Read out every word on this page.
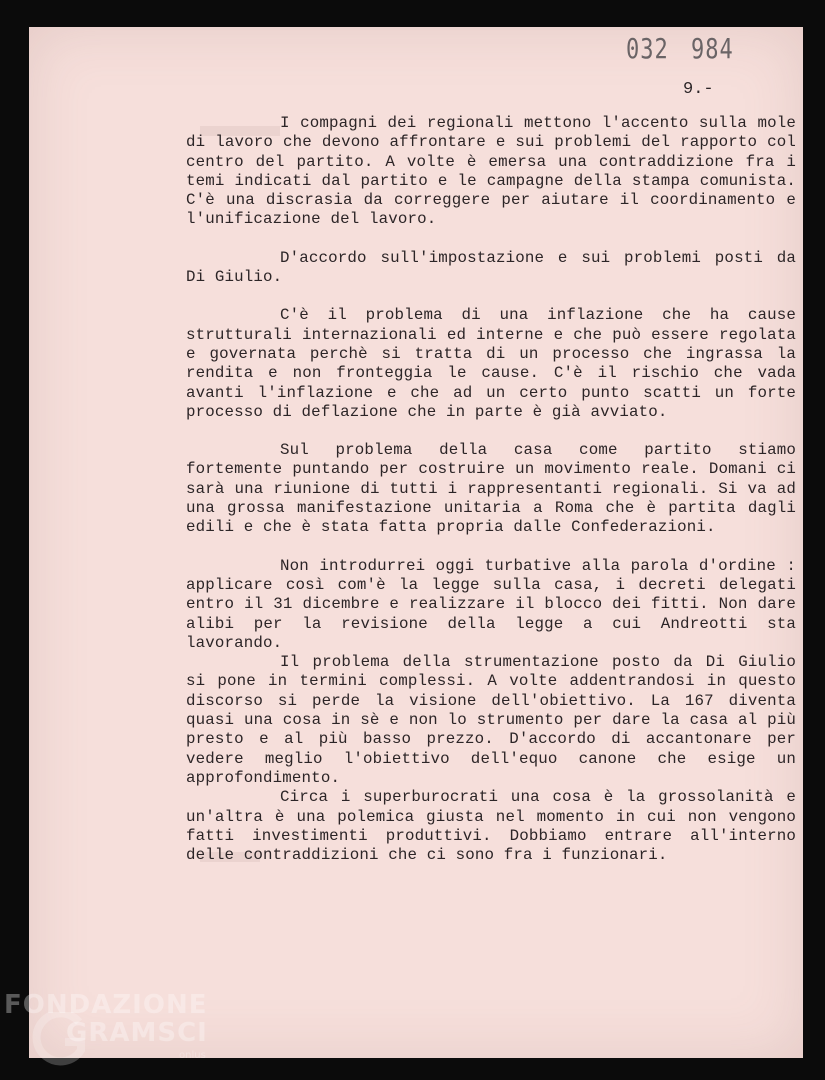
032 984
9.-

I compagni dei regionali mettono l'accento sulla mole di lavoro che devono affrontare e sui problemi del rapporto col centro del partito. A volte è emersa una contraddizione fra i temi indicati dal partito e le campagne della stampa comunista. C'è una discrasia da correggere per aiutare il coordinamento e l'unificazione del lavoro.

D'accordo sull'impostazione e sui problemi posti da Di Giulio.

C'è il problema di una inflazione che ha cause strutturali internazionali ed interne e che può essere regolata e governata perchè si tratta di un processo che ingrassa la rendita e non fronteggia le cause. C'è il rischio che vada avanti l'inflazione e che ad un certo punto scatti un forte processo di deflazione che in parte è già avviato.

Sul problema della casa come partito stiamo fortemente puntando per costruire un movimento reale. Domani ci sarà una riunione di tutti i rappresentanti regionali. Si va ad una grossa manifestazione unitaria a Roma che è partita dagli edili e che è stata fatta propria dalle Confederazioni.

Non introdurrei oggi turbative alla parola d'ordine : applicare così com'è la legge sulla casa, i decreti delegati entro il 31 dicembre e realizzare il blocco dei fitti. Non dare alibi per la revisione della legge a cui Andreotti sta lavorando.

Il problema della strumentazione posto da Di Giulio si pone in termini complessi. A volte addentrandosi in questo discorso si perde la visione dell'obiettivo. La 167 diventa quasi una cosa in sè e non lo strumento per dare la casa al più presto e al più basso prezzo. D'accordo di accantonare per vedere meglio l'obiettivo dell'equo canone che esige un approfondimento.

Circa i superburocrati una cosa è la grossolanità e un'altra è una polemica giusta nel momento in cui non vengono fatti investimenti produttivi. Dobbiamo entrare all'interno delle contraddizioni che ci sono fra i funzionari.

FONDAZIONE
GRAMSCI
onlus
